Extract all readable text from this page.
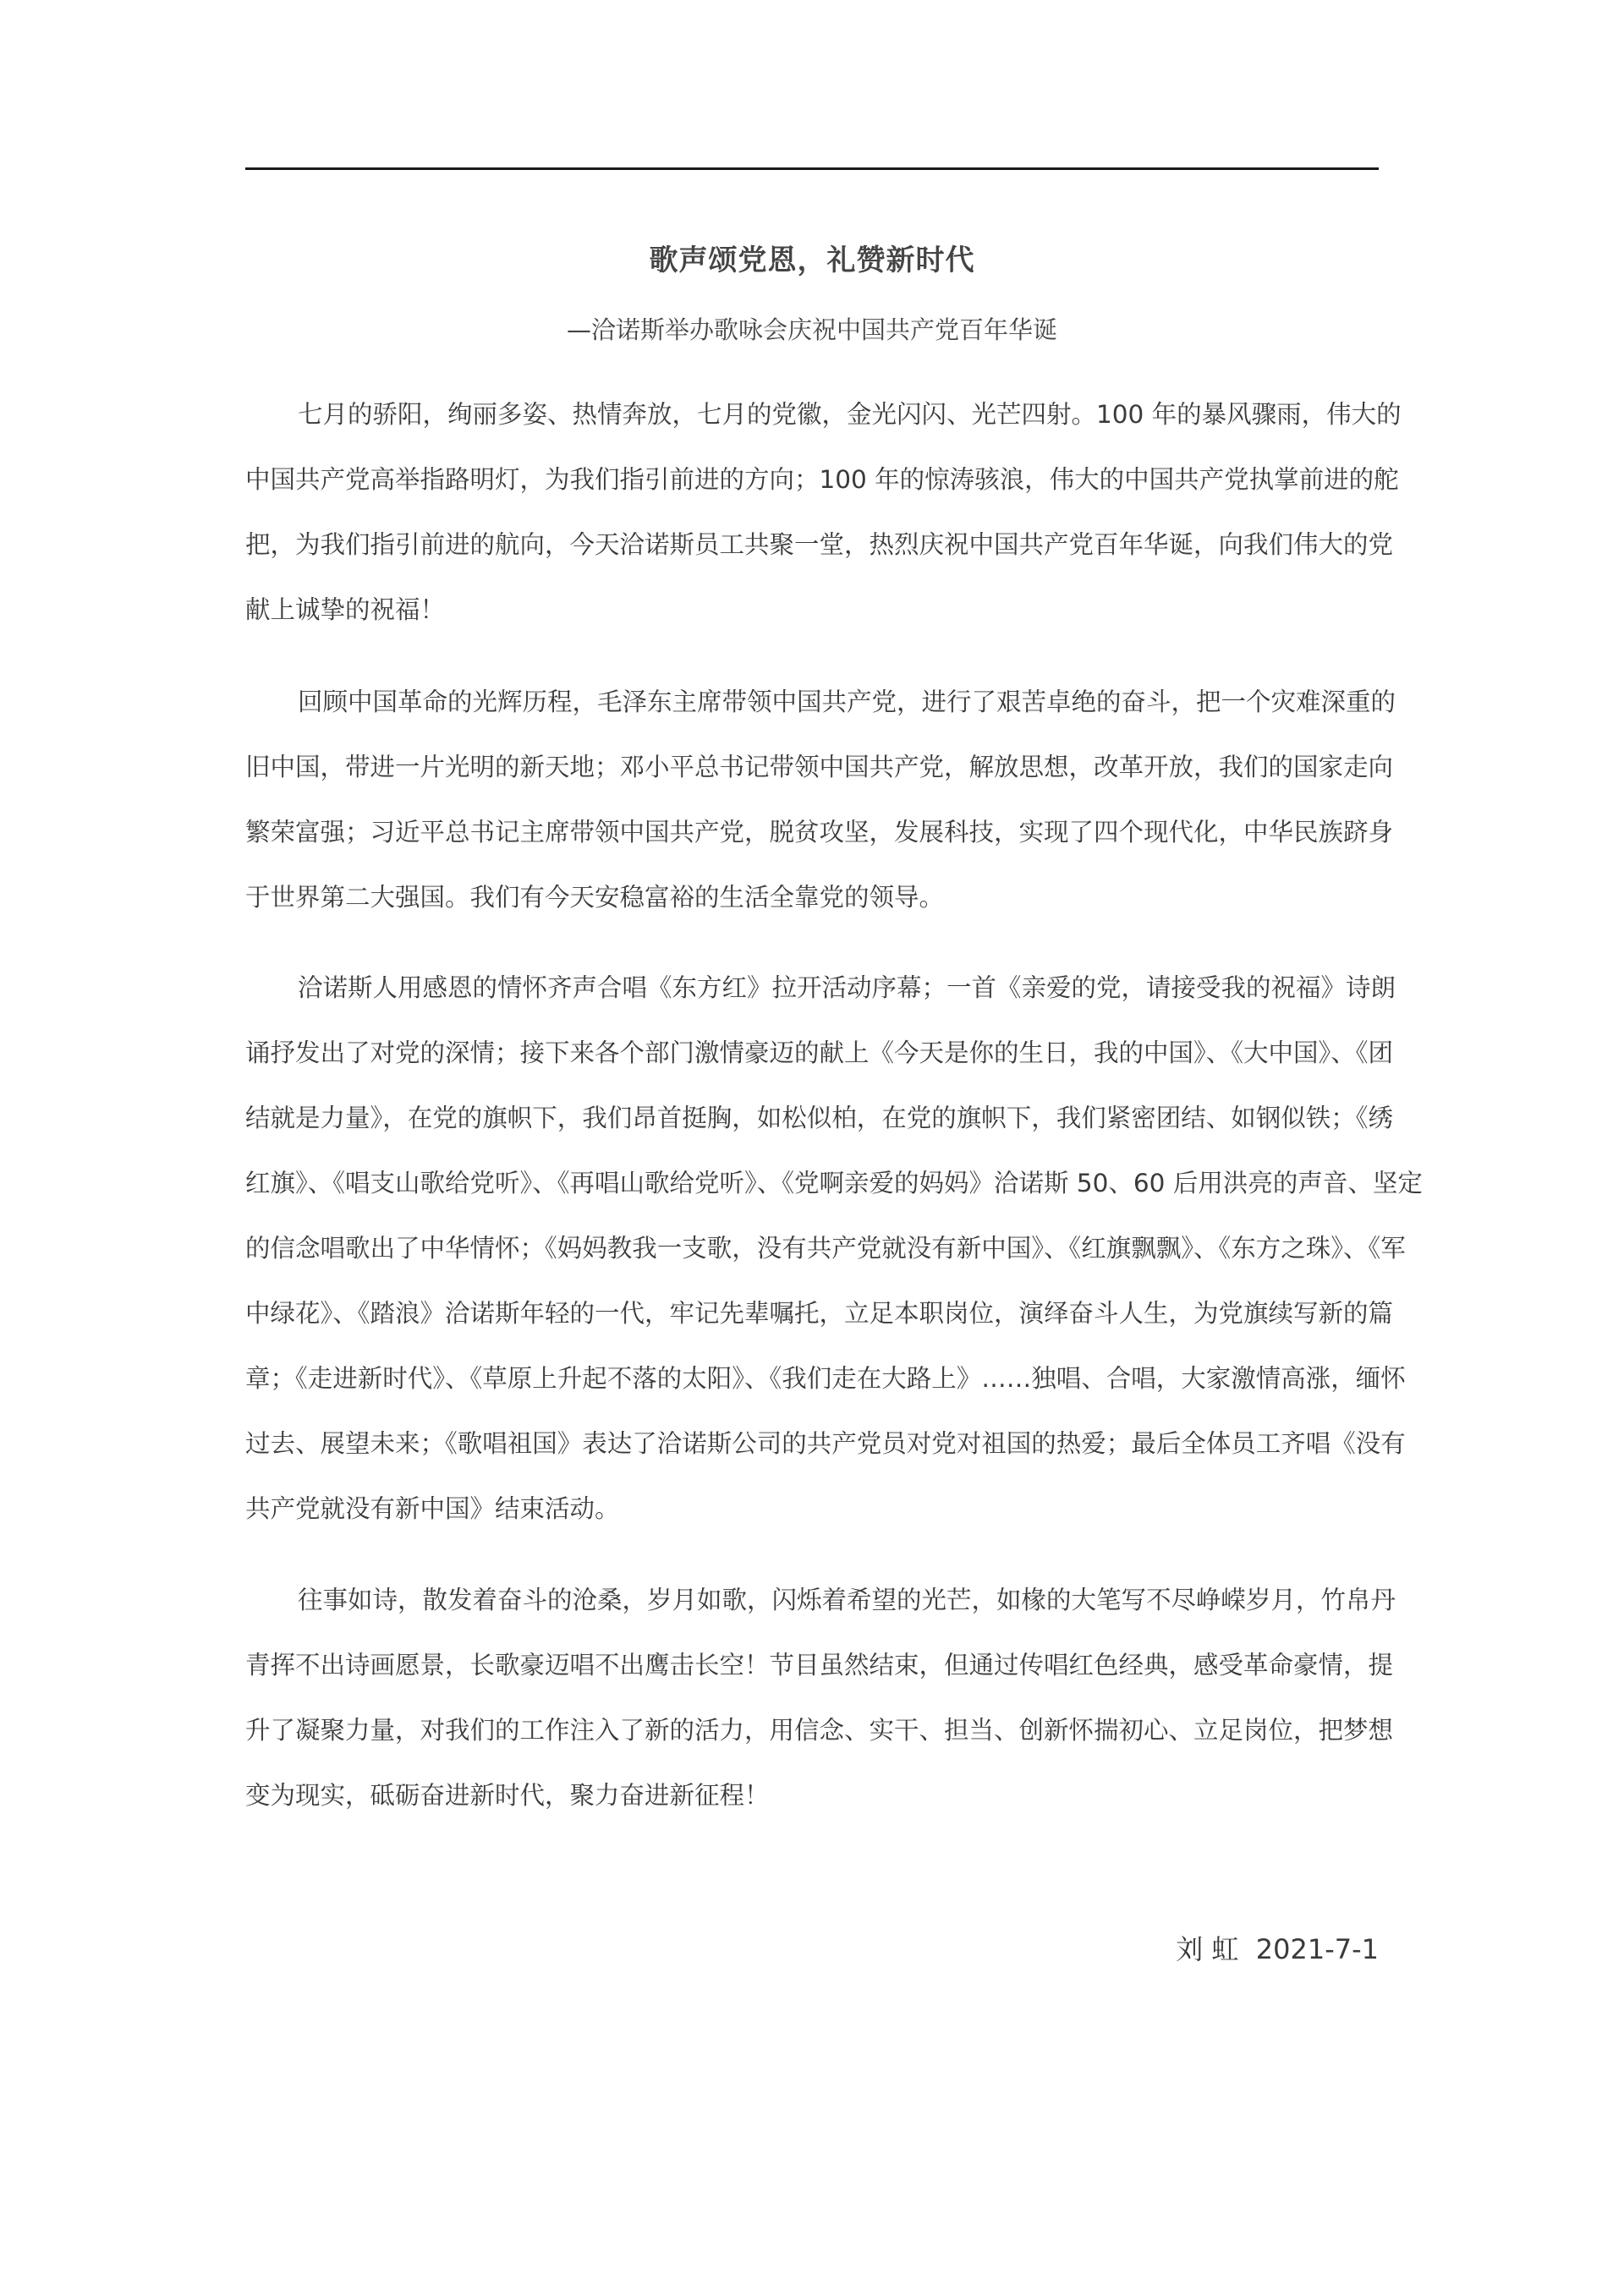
歌声颂党恩，礼赞新时代
—洽诺斯举办歌咏会庆祝中国共产党百年华诞
七月的骄阳，绚丽多姿、热情奔放，七月的党徽，金光闪闪、光芒四射。100 年的暴风骤雨，伟大的
中国共产党高举指路明灯，为我们指引前进的方向；100 年的惊涛骇浪，伟大的中国共产党执掌前进的舵
把，为我们指引前进的航向，今天洽诺斯员工共聚一堂，热烈庆祝中国共产党百年华诞，向我们伟大的党
献上诚挚的祝福！
回顾中国革命的光辉历程，毛泽东主席带领中国共产党，进行了艰苦卓绝的奋斗，把一个灾难深重的
旧中国，带进一片光明的新天地；邓小平总书记带领中国共产党，解放思想，改革开放，我们的国家走向
繁荣富强；习近平总书记主席带领中国共产党，脱贫攻坚，发展科技，实现了四个现代化，中华民族跻身
于世界第二大强国。我们有今天安稳富裕的生活全靠党的领导。
洽诺斯人用感恩的情怀齐声合唱《东方红》拉开活动序幕；一首《亲爱的党，请接受我的祝福》诗朗
诵抒发出了对党的深情；接下来各个部门激情豪迈的献上《今天是你的生日，我的中国》、《大中国》、《团
结就是力量》，在党的旗帜下，我们昂首挺胸，如松似柏，在党的旗帜下，我们紧密团结、如钢似铁；《绣
红旗》、《唱支山歌给党听》、《再唱山歌给党听》、《党啊亲爱的妈妈》洽诺斯 50、60 后用洪亮的声音、坚定
的信念唱歌出了中华情怀；《妈妈教我一支歌，没有共产党就没有新中国》、《红旗飘飘》、《东方之珠》、《军
中绿花》、《踏浪》洽诺斯年轻的一代，牢记先辈嘱托，立足本职岗位，演绎奋斗人生，为党旗续写新的篇
章；《走进新时代》、《草原上升起不落的太阳》、《我们走在大路上》……独唱、合唱，大家激情高涨，缅怀
过去、展望未来；《歌唱祖国》表达了洽诺斯公司的共产党员对党对祖国的热爱；最后全体员工齐唱《没有
共产党就没有新中国》结束活动。
往事如诗，散发着奋斗的沧桑，岁月如歌，闪烁着希望的光芒，如椽的大笔写不尽峥嵘岁月，竹帛丹
青挥不出诗画愿景，长歌豪迈唱不出鹰击长空！节目虽然结束，但通过传唱红色经典，感受革命豪情，提
升了凝聚力量，对我们的工作注入了新的活力，用信念、实干、担当、创新怀揣初心、立足岗位，把梦想
变为现实，砥砺奋进新时代，聚力奋进新征程！
刘 虹 2021-7-1
